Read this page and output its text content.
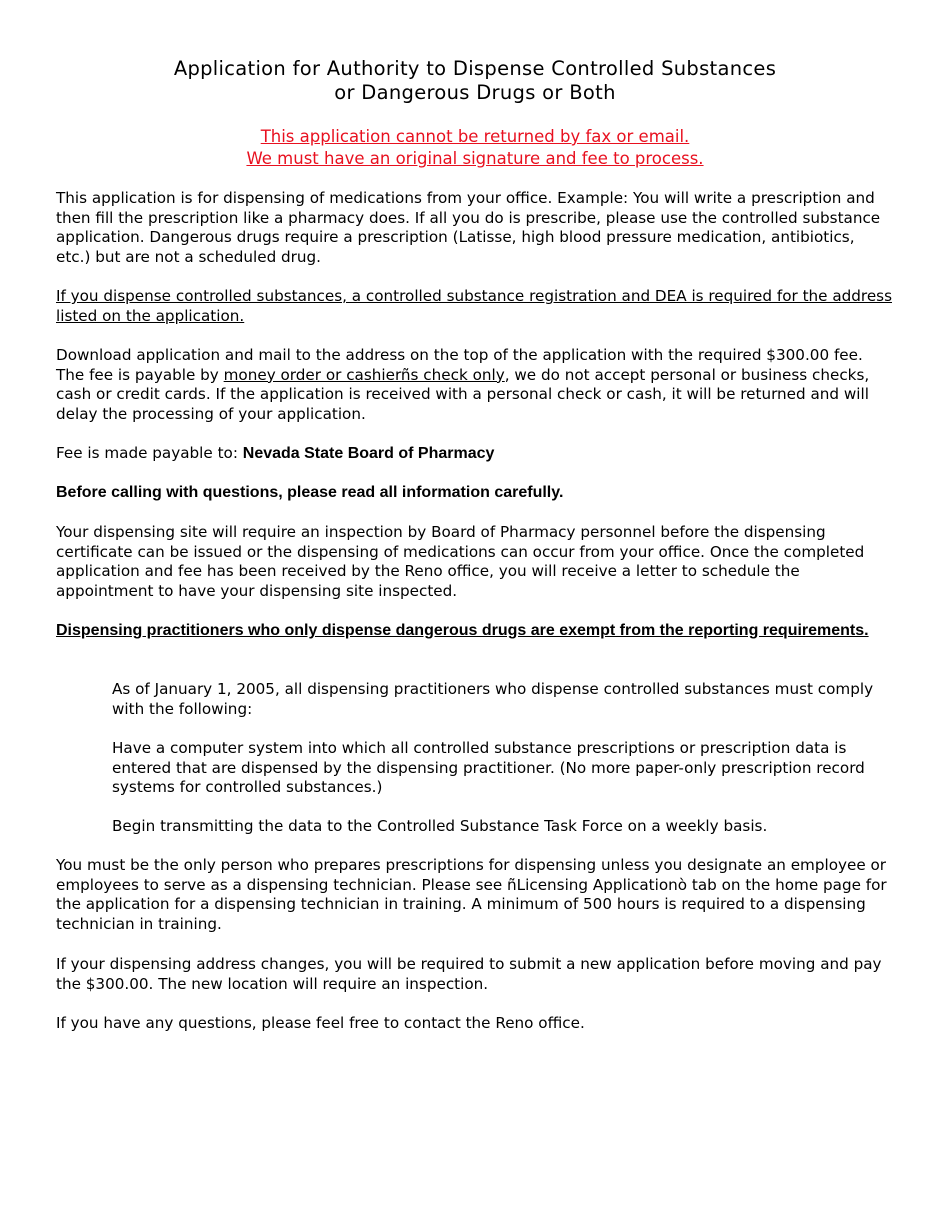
Application for Authority to Dispense Controlled Substances
or Dangerous Drugs or Both
This application cannot be returned by fax or email.
We must have an original signature and fee to process.

This application is for dispensing of medications from your office. Example: You will write a prescription and then fill the prescription like a pharmacy does. If all you do is prescribe, please use the controlled substance application. Dangerous drugs require a prescription (Latisse, high blood pressure medication, antibiotics, etc.) but are not a scheduled drug.

If you dispense controlled substances, a controlled substance registration and DEA is required for the address listed on the application.

Download application and mail to the address on the top of the application with the required $300.00 fee. The fee is payable by money order or cashierñs check only, we do not accept personal or business checks, cash or credit cards. If the application is received with a personal check or cash, it will be returned and will delay the processing of your application.

Fee is made payable to: Nevada State Board of Pharmacy

Before calling with questions, please read all information carefully.

Your dispensing site will require an inspection by Board of Pharmacy personnel before the dispensing certificate can be issued or the dispensing of medications can occur from your office. Once the completed application and fee has been received by the Reno office, you will receive a letter to schedule the appointment to have your dispensing site inspected.

Dispensing practitioners who only dispense dangerous drugs are exempt from the reporting requirements.

As of January 1, 2005, all dispensing practitioners who dispense controlled substances must comply with the following:

Have a computer system into which all controlled substance prescriptions or prescription data is entered that are dispensed by the dispensing practitioner. (No more paper-only prescription record systems for controlled substances.)

Begin transmitting the data to the Controlled Substance Task Force on a weekly basis.

You must be the only person who prepares prescriptions for dispensing unless you designate an employee or employees to serve as a dispensing technician. Please see ñLicensing Applicationò tab on the home page for the application for a dispensing technician in training. A minimum of 500 hours is required to a dispensing technician in training.

If your dispensing address changes, you will be required to submit a new application before moving and pay the $300.00. The new location will require an inspection.

If you have any questions, please feel free to contact the Reno office.
